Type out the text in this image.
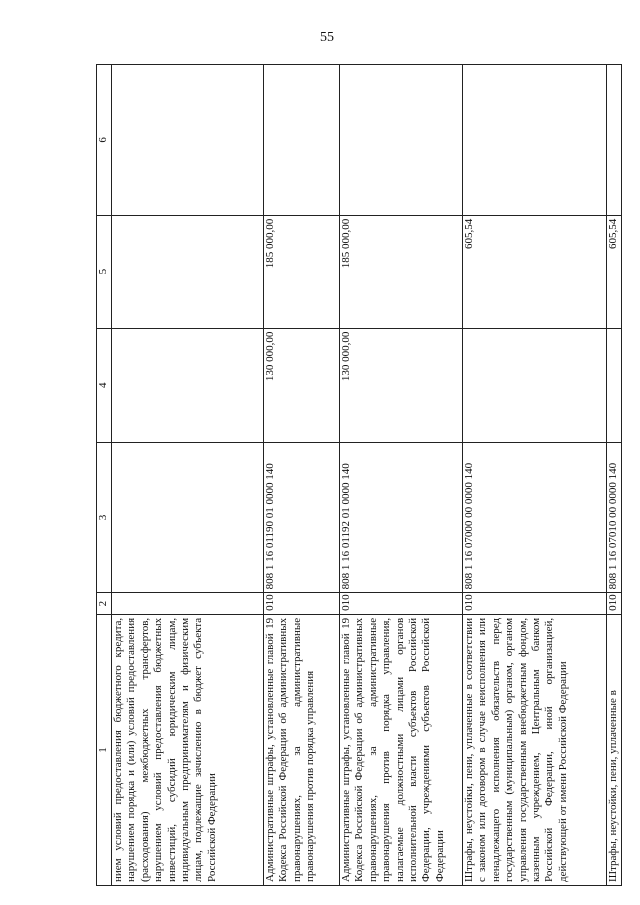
55
1	2	3	4	5	6
нием условий предоставления бюджетного кредита, нарушением порядка и (или) условий предоставления (расходования) межбюджетных трансфертов, нарушением условий предоставления бюджетных инвестиций, субсидий юридическим лицам, индивидуальным предпринимателям и физическим лицам, подлежащие зачислению в бюджет субъекта Российской Федерации					
Административные штрафы, установленные главой 19 Кодекса Российской Федерации об административных правонарушениях, за административные правонарушения против порядка управления	010	808 1 16 01190 01 0000 140	130 000,00	185 000,00	
Административные штрафы, установленные главой 19 Кодекса Российской Федерации об административных правонарушениях, за административные правонарушения против порядка управления, налагаемые должностными лицами органов исполнительной власти субъектов Российской Федерации, учреждениями субъектов Российской Федерации	010	808 1 16 01192 01 0000 140	130 000,00	185 000,00	
Штрафы, неустойки, пени, уплаченные в соответствии с законом или договором в случае неисполнения или ненадлежащего исполнения обязательств перед государственным (муниципальным) органом, органом управления государственным внебюджетным фондом, казенным учреждением, Центральным банком Российской Федерации, иной организацией, действующей от имени Российской Федерации	010	808 1 16 07000 00 0000 140		605,54	
Штрафы, неустойки, пени, уплаченные в	010	808 1 16 07010 00 0000 140		605,54	
